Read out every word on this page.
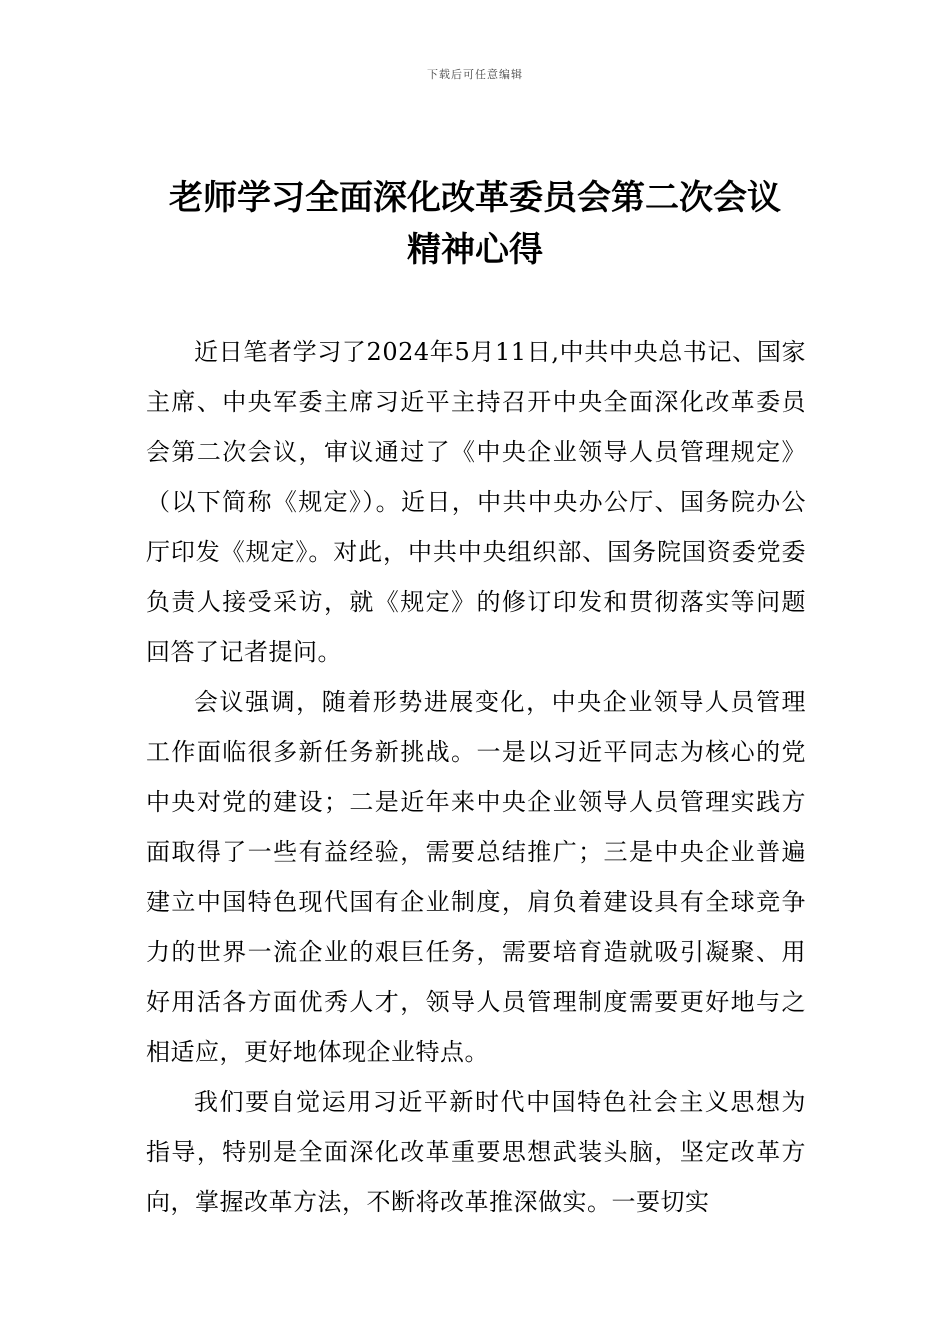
下载后可任意编辑
老师学习全面深化改革委员会第二次会议
精神心得

近日笔者学习了2024年5月11日,中共中央总书记、国家主席、中央军委主席习近平主持召开中央全面深化改革委员会第二次会议，审议通过了《中央企业领导人员管理规定》（以下简称《规定》）。近日，中共中央办公厅、国务院办公厅印发《规定》。对此，中共中央组织部、国务院国资委党委负责人接受采访，就《规定》的修订印发和贯彻落实等问题回答了记者提问。

会议强调，随着形势进展变化，中央企业领导人员管理工作面临很多新任务新挑战。一是以习近平同志为核心的党中央对党的建设；二是近年来中央企业领导人员管理实践方面取得了一些有益经验，需要总结推广；三是中央企业普遍建立中国特色现代国有企业制度，肩负着建设具有全球竞争力的世界一流企业的艰巨任务，需要培育造就吸引凝聚、用好用活各方面优秀人才，领导人员管理制度需要更好地与之相适应，更好地体现企业特点。

我们要自觉运用习近平新时代中国特色社会主义思想为指导，特别是全面深化改革重要思想武装头脑，坚定改革方向，掌握改革方法，不断将改革推深做实。一要切实
